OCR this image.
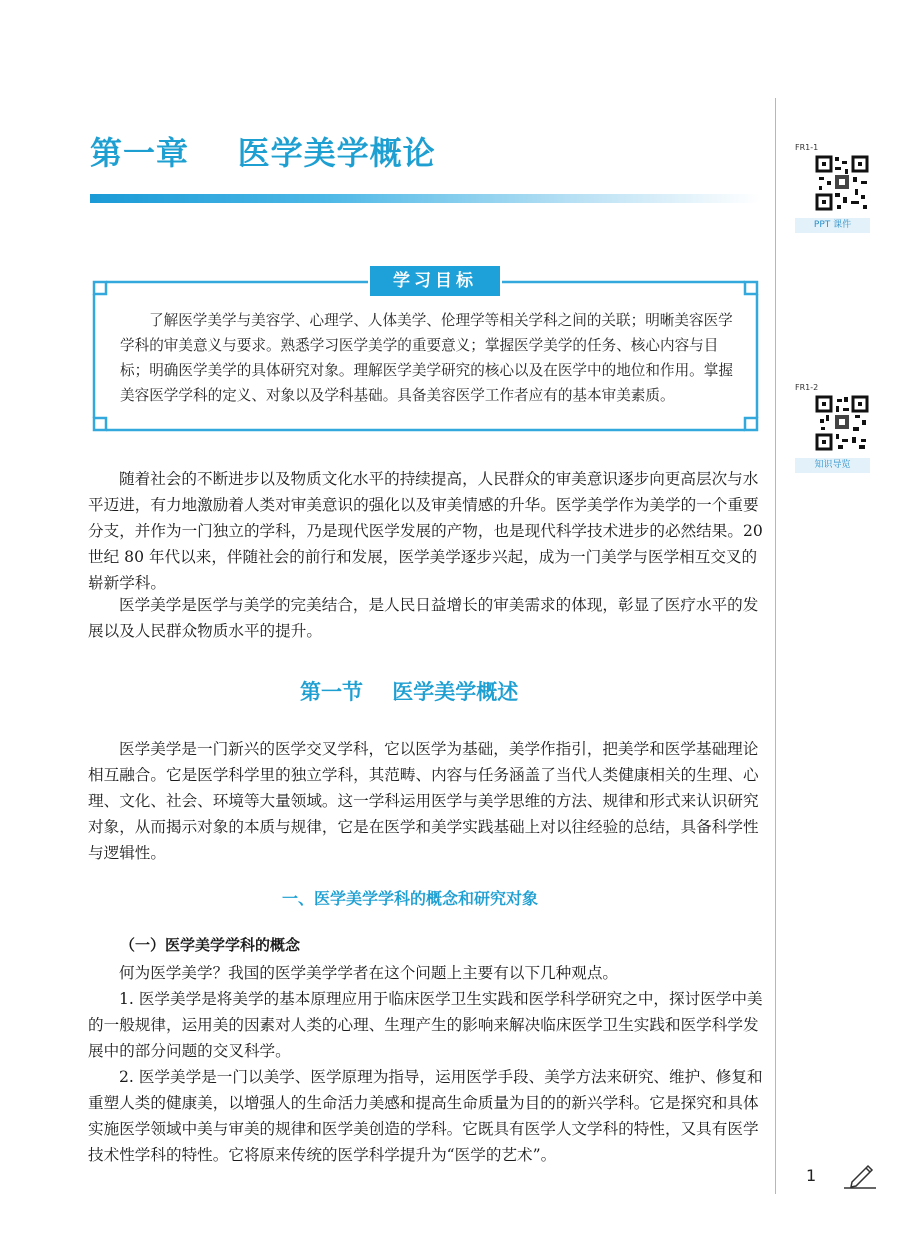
第一章    医学美学概论	FR1-1
PPT 课件
FR1-2
知识导览
学习目标

了解医学美学与美容学、心理学、人体美学、伦理学等相关学科之间的关联；明晰美容医学学科的审美意义与要求。熟悉学习医学美学的重要意义；掌握医学美学的任务、核心内容与目标；明确医学美学的具体研究对象。理解医学美学研究的核心以及在医学中的地位和作用。掌握美容医学学科的定义、对象以及学科基础。具备美容医学工作者应有的基本审美素质。

随着社会的不断进步以及物质文化水平的持续提高，人民群众的审美意识逐步向更高层次与水平迈进，有力地激励着人类对审美意识的强化以及审美情感的升华。医学美学作为美学的一个重要分支，并作为一门独立的学科，乃是现代医学发展的产物，也是现代科学技术进步的必然结果。20 世纪 80 年代以来，伴随社会的前行和发展，医学美学逐步兴起，成为一门美学与医学相互交叉的崭新学科。

医学美学是医学与美学的完美结合，是人民日益增长的审美需求的体现，彰显了医疗水平的发展以及人民群众物质水平的提升。

第一节    医学美学概述

医学美学是一门新兴的医学交叉学科，它以医学为基础，美学作指引，把美学和医学基础理论相互融合。它是医学科学里的独立学科，其范畴、内容与任务涵盖了当代人类健康相关的生理、心理、文化、社会、环境等大量领域。这一学科运用医学与美学思维的方法、规律和形式来认识研究对象，从而揭示对象的本质与规律，它是在医学和美学实践基础上对以往经验的总结，具备科学性与逻辑性。

一、医学美学学科的概念和研究对象
（一）医学美学学科的概念

何为医学美学？我国的医学美学学者在这个问题上主要有以下几种观点。

1. 医学美学是将美学的基本原理应用于临床医学卫生实践和医学科学研究之中，探讨医学中美的一般规律，运用美的因素对人类的心理、生理产生的影响来解决临床医学卫生实践和医学科学发展中的部分问题的交叉科学。

2. 医学美学是一门以美学、医学原理为指导，运用医学手段、美学方法来研究、维护、修复和重塑人类的健康美，以增强人的生命活力美感和提高生命质量为目的的新兴学科。它是探究和具体实施医学领域中美与审美的规律和医学美创造的学科。它既具有医学人文学科的特性，又具有医学技术性学科的特性。它将原来传统的医学科学提升为“医学的艺术”。

1
